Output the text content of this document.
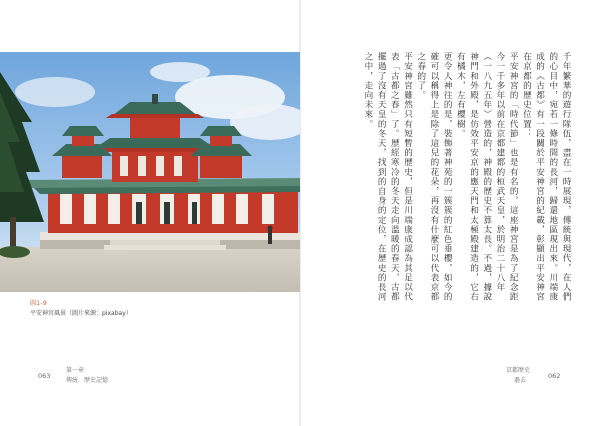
圖1-9
平安神宮風景（圖片來源：pixabay）
063
第一章
傳統．歷史記憶
京都歷史
過去
062

千年繁華的遊行隊伍，盡在一時展現，傳統與現代，在人們的心目中，宛若一條時間的長河，歸還地區現出來。川端康成的《古都》有一段關於平安神宮的紀載，彰顯出平安神宮在京都的歷史位置：

平安神宮的「時代節」也是有名的，這座神宮是為了紀念距今一千多年以前在京都建都的桓武天皇，於明治二十八年（一八九五年）營造的，神殿的歷史不算太長。不過，據說神門和外殿，是仿效平安京的應天門和太極殿建造的，它右有橘木，左有櫻樹。

更令人神往的是，裝飾著神苑的一簇簇的紅色垂櫻，如今的確可以稱得上是除了這兒的花朵，再沒有什麼可以代表京都之春的了。

平安神宮雖然只有短暫的歷史，但是川端康成認為其足以代表「古都之春」了。歷經寒冷的冬天走向溫暖的春天，古都擺過了沒有天皇的冬天，找到的自身的定位，在歷史的長河之中，走向未來。
